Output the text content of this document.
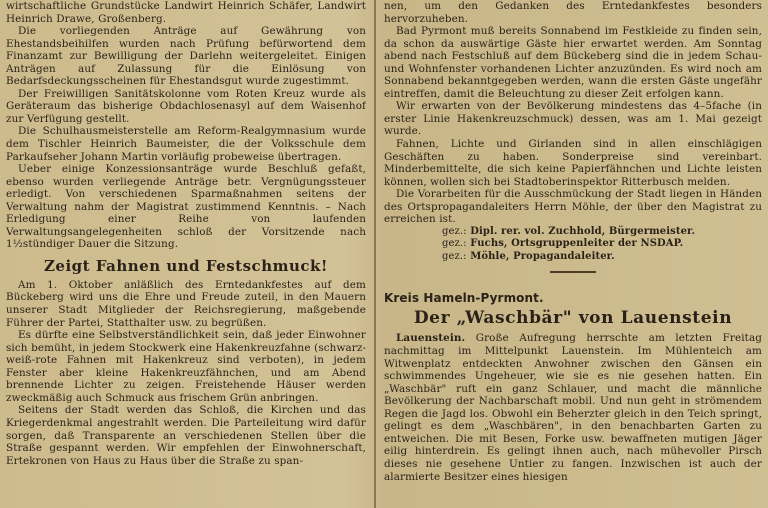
wirtschaftliche Grundstücke Landwirt Heinrich Schäfer, Landwirt Heinrich Drawe, Großenberg.

Die vorliegenden Anträge auf Gewährung von Ehestandsbeihilfen wurden nach Prüfung befürwortend dem Finanzamt zur Bewilligung der Darlehn weitergeleitet. Einigen Anträgen auf Zulassung für die Einlösung von Bedarfsdeckungsscheinen für Ehestandsgut wurde zugestimmt.

Der Freiwilligen Sanitätskolonne vom Roten Kreuz wurde als Geräteraum das bisherige Obdachlosenasyl auf dem Waisenhof zur Verfügung gestellt.

Die Schulhausmeisterstelle am Reform-Realgymnasium wurde dem Tischler Heinrich Baumeister, die der Volksschule dem Parkaufseher Johann Martin vorläufig probeweise übertragen.

Ueber einige Konzessionsanträge wurde Beschluß gefaßt, ebenso wurden verliegende Anträge betr. Vergnügungssteuer erledigt. Von verschiedenen Sparmaßnahmen seitens der Verwaltung nahm der Magistrat zustimmend Kenntnis. – Nach Erledigung einer Reihe von laufenden Verwaltungsangelegenheiten schloß der Vorsitzende nach 1½stündiger Dauer die Sitzung.

Zeigt Fahnen und Festschmuck!

Am 1. Oktober anläßlich des Erntedankfestes auf dem Bückeberg wird uns die Ehre und Freude zuteil, in den Mauern unserer Stadt Mitglieder der Reichsregierung, maßgebende Führer der Partei, Statthalter usw. zu begrüßen.

Es dürfte eine Selbstverständlichkeit sein, daß jeder Einwohner sich bemüht, in jedem Stockwerk eine Hakenkreuzfahne (schwarz-weiß-rote Fahnen mit Hakenkreuz sind verboten), in jedem Fenster aber kleine Hakenkreuzfähnchen, und am Abend brennende Lichter zu zeigen. Freistehende Häuser werden zweckmäßig auch Schmuck aus frischem Grün anbringen.

Seitens der Stadt werden das Schloß, die Kirchen und das Kriegerdenkmal angestrahlt werden. Die Parteileitung wird dafür sorgen, daß Transparente an verschiedenen Stellen über die Straße gespannt werden. Wir empfehlen der Einwohnerschaft, Ertekronen von Haus zu Haus über die Straße zu span-

nen, um den Gedanken des Erntedankfestes besonders hervorzuheben.

Bad Pyrmont muß bereits Sonnabend im Festkleide zu finden sein, da schon da auswärtige Gäste hier erwartet werden. Am Sonntag abend nach Festschluß auf dem Bückeberg sind die in jedem Schau- und Wohnfenster vorhandenen Lichter anzuzünden. Es wird noch am Sonnabend bekanntgegeben werden, wann die ersten Gäste ungefähr eintreffen, damit die Beleuchtung zu dieser Zeit erfolgen kann.

Wir erwarten von der Bevölkerung mindestens das 4–5fache (in erster Linie Hakenkreuzschmuck) dessen, was am 1. Mai gezeigt wurde.

Fahnen, Lichte und Girlanden sind in allen einschlägigen Geschäften zu haben. Sonderpreise sind vereinbart. Minderbemittelte, die sich keine Papierfähnchen und Lichte leisten können, wollen sich bei Stadtoberinspektor Ritterbusch melden.

Die Vorarbeiten für die Ausschmückung der Stadt liegen in Händen des Ortspropagandaleiters Herrn Möhle, der über den Magistrat zu erreichen ist.

gez.: Dipl. rer. vol. Zuchhold, Bürgermeister.

gez.: Fuchs, Ortsgruppenleiter der NSDAP.

gez.: Möhle, Propagandaleiter.

Kreis Hameln-Pyrmont.
Der „Waschbär" von Lauenstein

Lauenstein. Große Aufregung herrschte am letzten Freitag nachmittag im Mittelpunkt Lauenstein. Im Mühlenteich am Witwenplatz entdeckten Anwohner zwischen den Gänsen ein schwimmendes Ungeheuer, wie sie es nie gesehen hatten. Ein „Waschbär" ruft ein ganz Schlauer, und macht die männliche Bevölkerung der Nachbarschaft mobil. Und nun geht in strömendem Regen die Jagd los. Obwohl ein Beherzter gleich in den Teich springt, gelingt es dem „Waschbären", in den benachbarten Garten zu entweichen. Die mit Besen, Forke usw. bewaffneten mutigen Jäger eilig hinterdrein. Es gelingt ihnen auch, nach mühevoller Pirsch dieses nie gesehene Untier zu fangen. Inzwischen ist auch der alarmierte Besitzer eines hiesigen
